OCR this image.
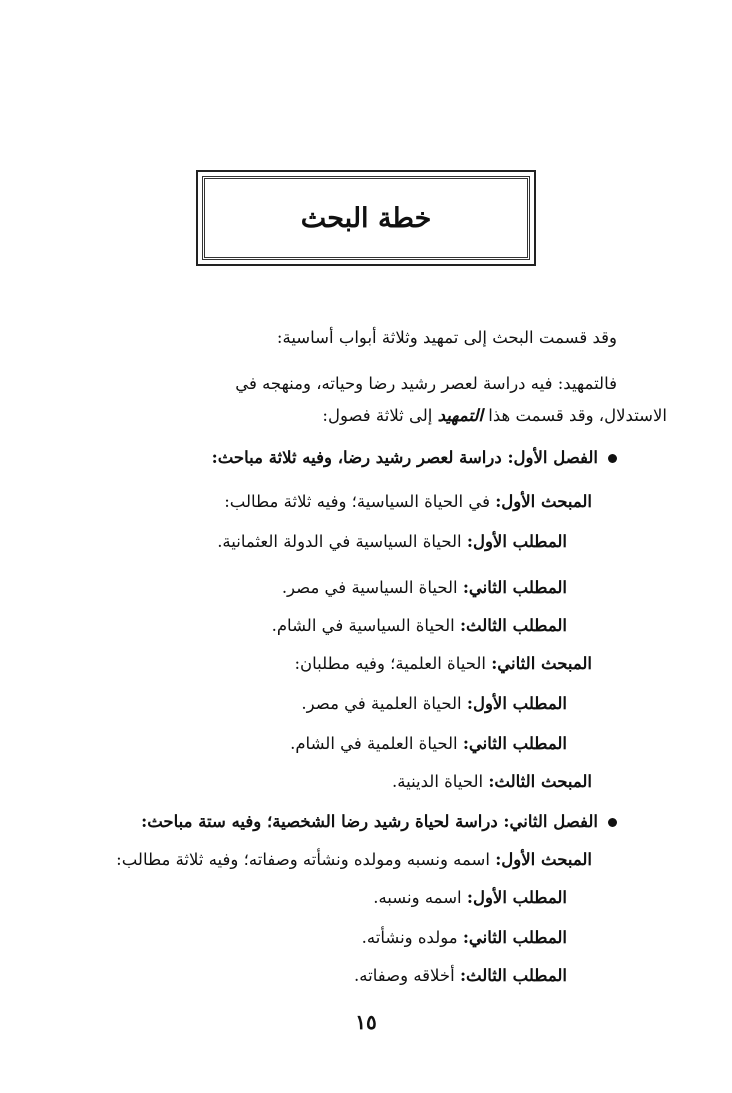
خطة البحث
وقد قسمت البحث إلى تمهيد وثلاثة أبواب أساسية:
فالتمهيد: فيه دراسة لعصر رشيد رضا وحياته، ومنهجه في
الاستدلال، وقد قسمت هذا التمهيد إلى ثلاثة فصول:
الفصل الأول: دراسة لعصر رشيد رضا، وفيه ثلاثة مباحث:
المبحث الأول: في الحياة السياسية؛ وفيه ثلاثة مطالب:
المطلب الأول: الحياة السياسية في الدولة العثمانية.
المطلب الثاني: الحياة السياسية في مصر.
المطلب الثالث: الحياة السياسية في الشام.
المبحث الثاني: الحياة العلمية؛ وفيه مطلبان:
المطلب الأول: الحياة العلمية في مصر.
المطلب الثاني: الحياة العلمية في الشام.
المبحث الثالث: الحياة الدينية.
الفصل الثاني: دراسة لحياة رشيد رضا الشخصية؛ وفيه ستة مباحث:
المبحث الأول: اسمه ونسبه ومولده ونشأته وصفاته؛ وفيه ثلاثة مطالب:
المطلب الأول: اسمه ونسبه.
المطلب الثاني: مولده ونشأته.
المطلب الثالث: أخلاقه وصفاته.
١٥
